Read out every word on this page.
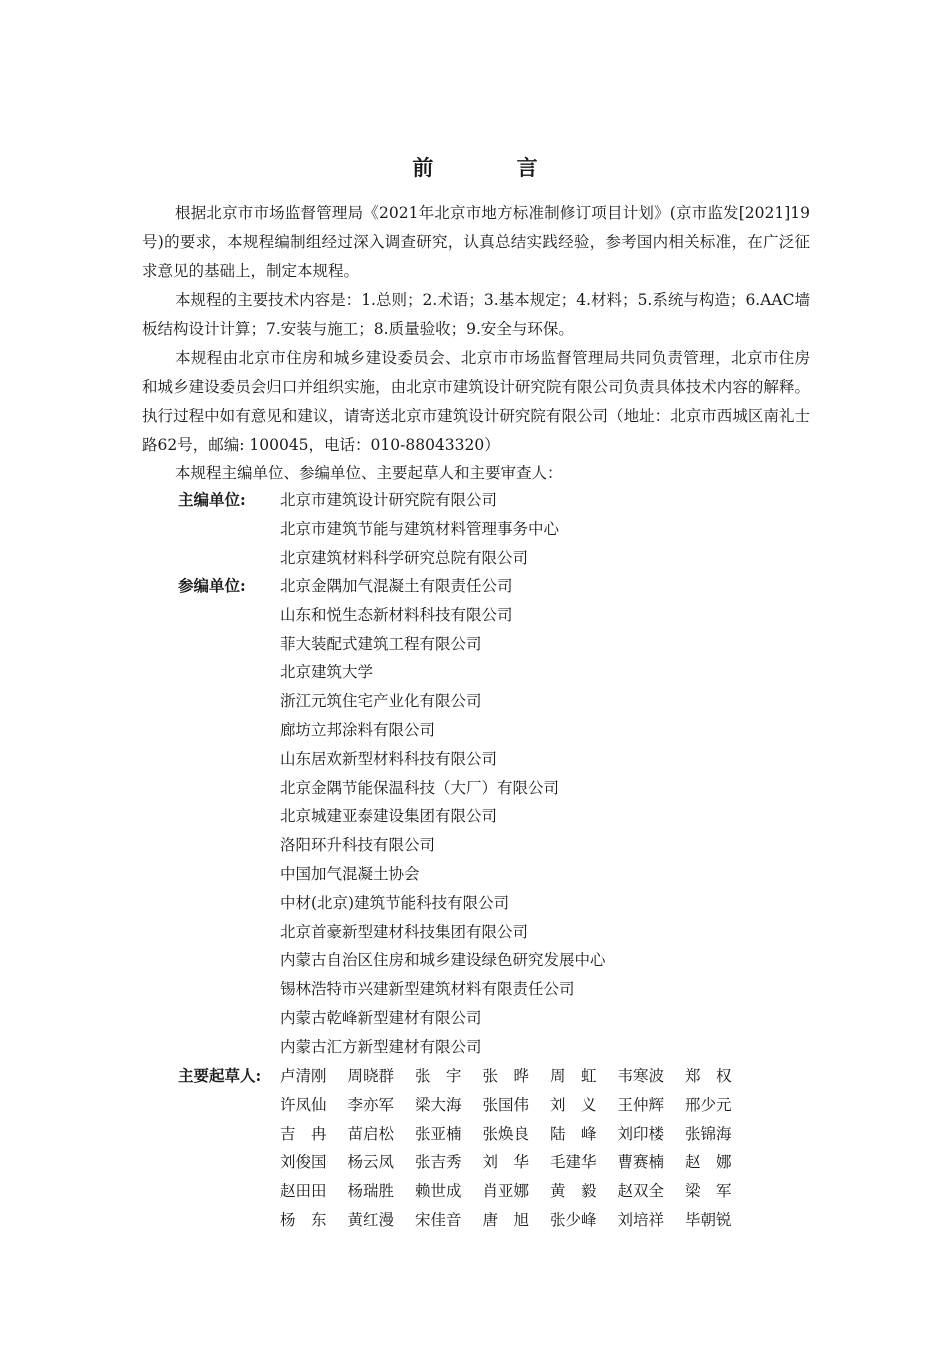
前 言

根据北京市市场监督管理局《2021年北京市地方标准制修订项目计划》(京市监发[2021]19号)的要求，本规程编制组经过深入调查研究，认真总结实践经验，参考国内相关标准，在广泛征求意见的基础上，制定本规程。

本规程的主要技术内容是：1.总则；2.术语；3.基本规定；4.材料；5.系统与构造；6.AAC墙板结构设计计算；7.安装与施工；8.质量验收；9.安全与环保。

本规程由北京市住房和城乡建设委员会、北京市市场监督管理局共同负责管理，北京市住房和城乡建设委员会归口并组织实施，由北京市建筑设计研究院有限公司负责具体技术内容的解释。执行过程中如有意见和建议，请寄送北京市建筑设计研究院有限公司（地址：北京市西城区南礼士路62号，邮编: 100045，电话：010-88043320）

本规程主编单位、参编单位、主要起草人和主要审查人：

主编单位:	北京市建筑设计研究院有限公司
北京市建筑节能与建筑材料管理事务中心
北京建筑材料科学研究总院有限公司
参编单位:	北京金隅加气混凝土有限责任公司
山东和悦生态新材料科技有限公司
菲大装配式建筑工程有限公司
北京建筑大学
浙江元筑住宅产业化有限公司
廊坊立邦涂料有限公司
山东居欢新型材料科技有限公司
北京金隅节能保温科技（大厂）有限公司
北京城建亚泰建设集团有限公司
洛阳环升科技有限公司
中国加气混凝土协会
中材(北京)建筑节能科技有限公司
北京首豪新型建材科技集团有限公司
内蒙古自治区住房和城乡建设绿色研究发展中心
锡林浩特市兴建新型建筑材料有限责任公司
内蒙古乾峰新型建材有限公司
内蒙古汇方新型建材有限公司
主要起草人:	卢清刚	周晓群	张　宇	张　晔	周　虹	韦寒波	郑　权
许凤仙	李亦军	梁大海	张国伟	刘　义	王仲辉	邢少元
吉　冉	苗启松	张亚楠	张焕良	陆　峰	刘印楼	张锦海
刘俊国	杨云凤	张吉秀	刘　华	毛建华	曹赛楠	赵　娜
赵田田	杨瑞胜	赖世成	肖亚娜	黄　毅	赵双全	梁　军
杨　东	黄红漫	宋佳音	唐　旭	张少峰	刘培祥	毕朝锐
